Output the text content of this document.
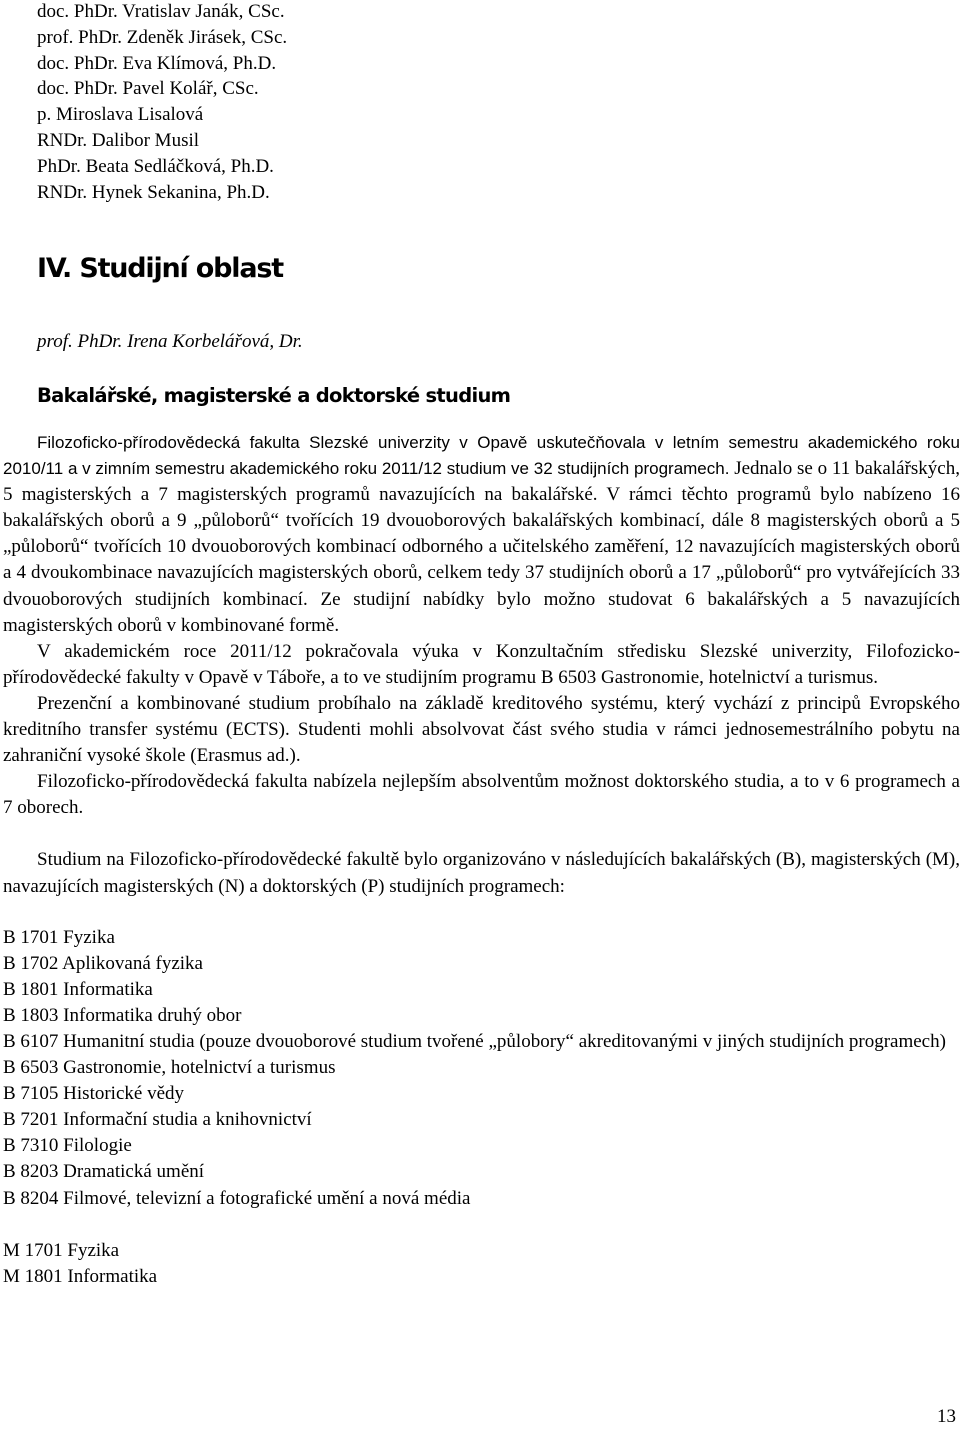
doc. PhDr. Vratislav Janák, CSc.
prof. PhDr. Zdeněk Jirásek, CSc.
doc. PhDr. Eva Klímová, Ph.D.
doc. PhDr. Pavel Kolář, CSc.
p. Miroslava Lisalová
RNDr. Dalibor Musil
PhDr. Beata Sedláčková, Ph.D.
RNDr. Hynek Sekanina, Ph.D.
IV. Studijní oblast

prof. PhDr. Irena Korbelářová, Dr.

Bakalářské, magisterské a doktorské studium

Filozoficko-přírodovědecká fakulta Slezské univerzity v Opavě uskutečňovala v letním semestru akademického roku 2010/11 a v zimním semestru akademického roku 2011/12 studium ve 32 studijních programech. Jednalo se o 11 bakalářských, 5 magisterských a 7 magisterských programů navazujících na bakalářské. V rámci těchto programů bylo nabízeno 16 bakalářských oborů a 9 „půloborů“ tvořících 19 dvouoborových bakalářských kombinací, dále 8 magisterských oborů a 5 „půloborů“ tvořících 10 dvouoborových kombinací odborného a učitelského zaměření, 12 navazujících magisterských oborů a 4 dvoukombinace navazujících magisterských oborů, celkem tedy 37 studijních oborů a 17 „půloborů“ pro vytvářejících 33 dvouoborových studijních kombinací. Ze studijní nabídky bylo možno studovat 6 bakalářských a 5 navazujících magisterských oborů v kombinované formě.

V akademickém roce 2011/12 pokračovala výuka v Konzultačním středisku Slezské univerzity, Filofozicko-přírodovědecké fakulty v Opavě v Táboře, a to ve studijním programu B 6503 Gastronomie, hotelnictví a turismus.

Prezenční a kombinované studium probíhalo na základě kreditového systému, který vychází z principů Evropského kreditního transfer systému (ECTS). Studenti mohli absolvovat část svého studia v rámci jednosemestrálního pobytu na zahraniční vysoké škole (Erasmus ad.).

Filozoficko-přírodovědecká fakulta nabízela nejlepším absolventům možnost doktorského studia, a to v 6 programech a 7 oborech.

Studium na Filozoficko-přírodovědecké fakultě bylo organizováno v následujících bakalářských (B), magisterských (M), navazujících magisterských (N) a doktorských (P) studijních programech:

B 1701 Fyzika
B 1702 Aplikovaná fyzika
B 1801 Informatika
B 1803 Informatika druhý obor
B 6107 Humanitní studia (pouze dvouoborové studium tvořené „půlobory“ akreditovanými v jiných studijních programech)
B 6503 Gastronomie, hotelnictví a turismus
B 7105 Historické vědy
B 7201 Informační studia a knihovnictví
B 7310 Filologie
B 8203 Dramatická umění
B 8204 Filmové, televizní a fotografické umění a nová média
M 1701 Fyzika
M 1801 Informatika
13
